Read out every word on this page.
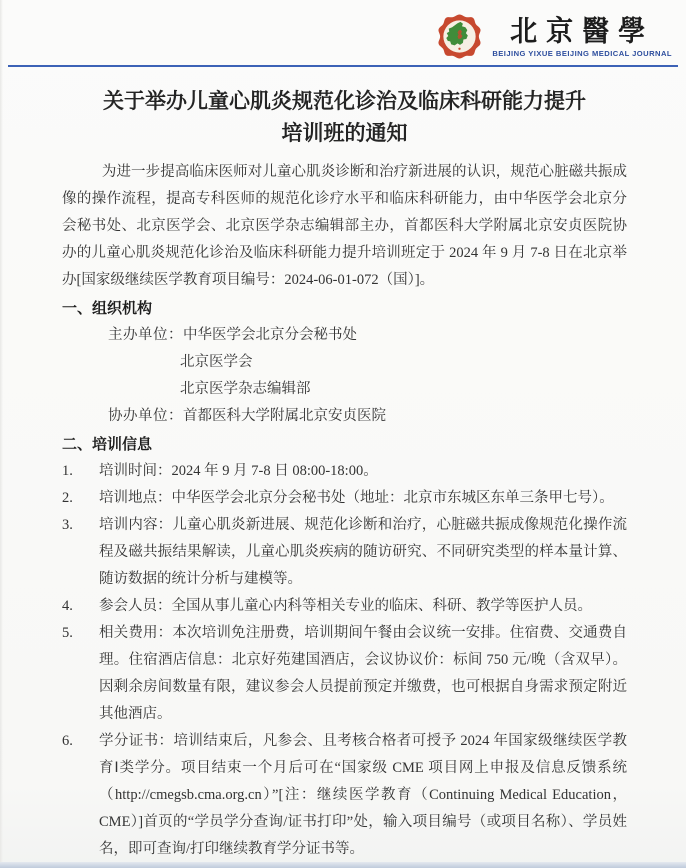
北京醫學
BEIJING YIXUE BEIJING MEDICAL JOURNAL
关于举办儿童心肌炎规范化诊治及临床科研能力提升
培训班的通知

为进一步提高临床医师对儿童心肌炎诊断和治疗新进展的认识，规范心脏磁共振成像的操作流程，提高专科医师的规范化诊疗水平和临床科研能力，由中华医学会北京分会秘书处、北京医学会、北京医学杂志编辑部主办，首都医科大学附属北京安贞医院协办的儿童心肌炎规范化诊治及临床科研能力提升培训班定于 2024 年 9 月 7-8 日在北京举办[国家级继续医学教育项目编号：2024-06-01-072（国）]。

一、组织机构
主办单位：中华医学会北京分会秘书处
北京医学会
北京医学杂志编辑部
协办单位：首都医科大学附属北京安贞医院
二、培训信息
1.	培训时间：2024 年 9 月 7-8 日 08:00-18:00。
2.	培训地点：中华医学会北京分会秘书处（地址：北京市东城区东单三条甲七号）。
3.	培训内容：儿童心肌炎新进展、规范化诊断和治疗，心脏磁共振成像规范化操作流程及磁共振结果解读，儿童心肌炎疾病的随访研究、不同研究类型的样本量计算、随访数据的统计分析与建模等。
4.	参会人员：全国从事儿童心内科等相关专业的临床、科研、教学等医护人员。
5.	相关费用：本次培训免注册费，培训期间午餐由会议统一安排。住宿费、交通费自理。住宿酒店信息：北京好苑建国酒店，会议协议价：标间 750 元/晚（含双早）。因剩余房间数量有限，建议参会人员提前预定并缴费，也可根据自身需求预定附近其他酒店。
6.	学分证书：培训结束后，凡参会、且考核合格者可授予 2024 年国家级继续医学教育Ⅰ类学分。项目结束一个月后可在“国家级 CME 项目网上申报及信息反馈系统（http://cmegsb.cma.org.cn）”[注：继续医学教育（Continuing Medical Education，CME）]首页的“学员学分查询/证书打印”处，输入项目编号（或项目名称）、学员姓名，即可查询/打印继续教育学分证书等。
